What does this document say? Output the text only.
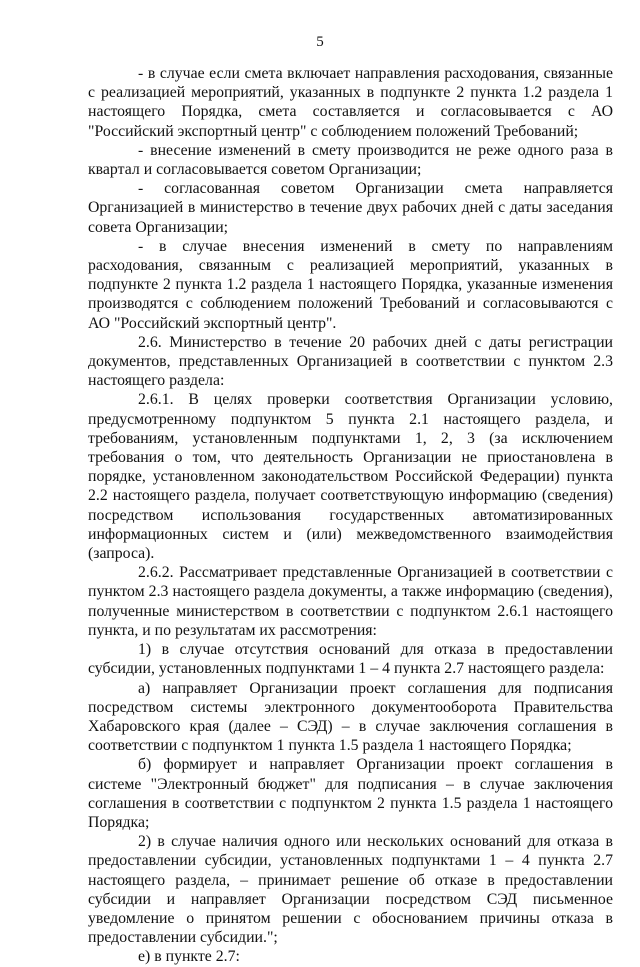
5

- в случае если смета включает направления расходования, связанные с реализацией мероприятий, указанных в подпункте 2 пункта 1.2 раздела 1 настоящего Порядка, смета составляется и согласовывается с АО "Российский экспортный центр" с соблюдением положений Требований;

- внесение изменений в смету производится не реже одного раза в квартал и согласовывается советом Организации;

- согласованная советом Организации смета направляется Организацией в министерство в течение двух рабочих дней с даты заседания совета Организации;

- в случае внесения изменений в смету по направлениям расходования, связанным с реализацией мероприятий, указанных в подпункте 2 пункта 1.2 раздела 1 настоящего Порядка, указанные изменения производятся с соблюдением положений Требований и согласовываются с АО "Российский экспортный центр".

2.6. Министерство в течение 20 рабочих дней с даты регистрации документов, представленных Организацией в соответствии с пунктом 2.3 настоящего раздела:

2.6.1. В целях проверки соответствия Организации условию, предусмотренному подпунктом 5 пункта 2.1 настоящего раздела, и требованиям, установленным подпунктами 1, 2, 3 (за исключением требования о том, что деятельность Организации не приостановлена в порядке, установленном законодательством Российской Федерации) пункта 2.2 настоящего раздела, получает соответствующую информацию (сведения) посредством использования государственных автоматизированных информационных систем и (или) межведомственного взаимодействия (запроса).

2.6.2. Рассматривает представленные Организацией в соответствии с пунктом 2.3 настоящего раздела документы, а также информацию (сведения), полученные министерством в соответствии с подпунктом 2.6.1 настоящего пункта, и по результатам их рассмотрения:

1) в случае отсутствия оснований для отказа в предоставлении субсидии, установленных подпунктами 1 – 4 пункта 2.7 настоящего раздела:

а) направляет Организации проект соглашения для подписания посредством системы электронного документооборота Правительства Хабаровского края (далее – СЭД) – в случае заключения соглашения в соответствии с подпунктом 1 пункта 1.5 раздела 1 настоящего Порядка;

б) формирует и направляет Организации проект соглашения в системе "Электронный бюджет" для подписания – в случае заключения соглашения в соответствии с подпунктом 2 пункта 1.5 раздела 1 настоящего Порядка;

2) в случае наличия одного или нескольких оснований для отказа в предоставлении субсидии, установленных подпунктами 1 – 4 пункта 2.7 настоящего раздела, – принимает решение об отказе в предоставлении субсидии и направляет Организации посредством СЭД письменное уведомление о принятом решении с обоснованием причины отказа в предоставлении субсидии.";

е) в пункте 2.7:
